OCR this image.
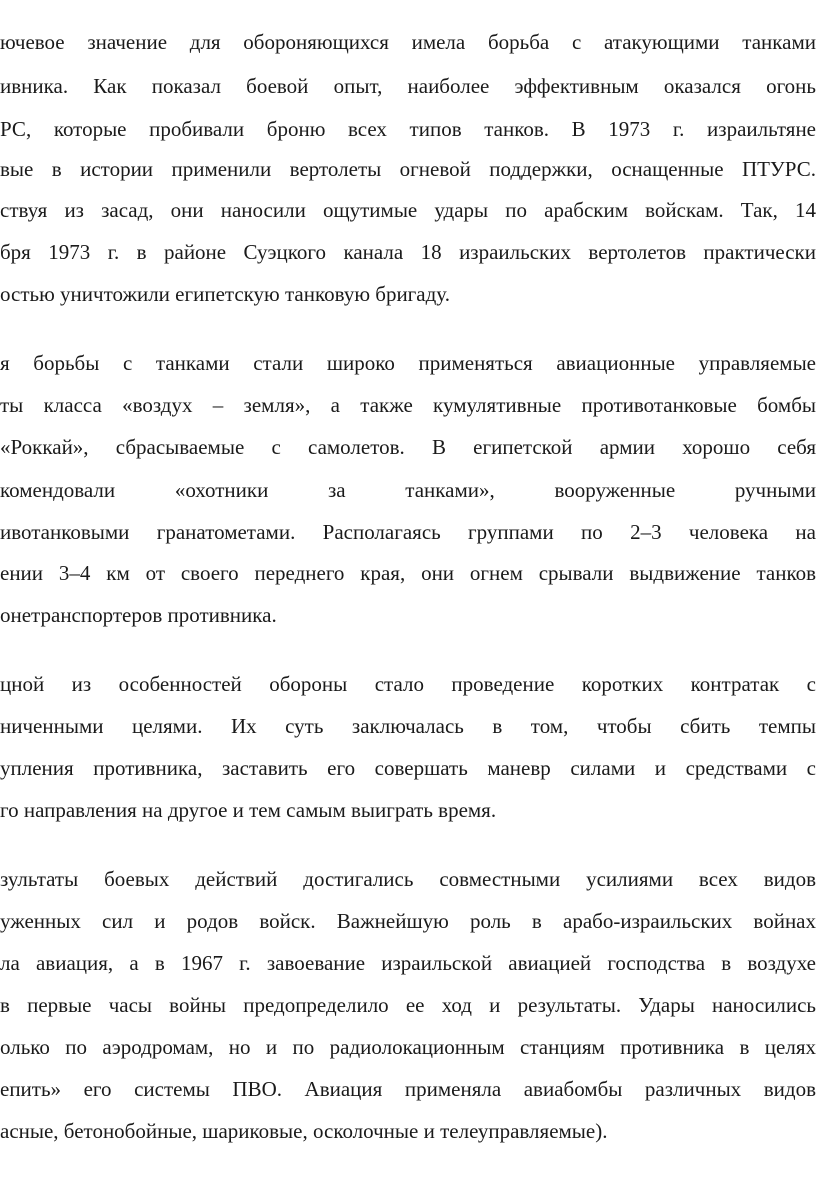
ючевое значение для обороняющихся имела борьба с атакующими танками
ивника. Как показал боевой опыт, наиболее эффективным оказался огонь
РС, которые пробивали броню всех типов танков. В 1973 г. израильтяне
вые в истории применили вертолеты огневой поддержки, оснащенные ПТУРС.
ствуя из засад, они наносили ощутимые удары по арабским войскам. Так, 14
бря 1973 г. в районе Суэцкого канала 18 израильских вертолетов практически
остью уничтожили египетскую танковую бригаду.
я борьбы с танками стали широко применяться авиационные управляемые
ты класса «воздух – земля», а также кумулятивные противотанковые бомбы
«Роккай», сбрасываемые с самолетов. В египетской армии хорошо себя
комендовали «охотники за танками», вооруженные ручными
ивотанковыми гранатометами. Располагаясь группами по 2–3 человека на
ении 3–4 км от своего переднего края, они огнем срывали выдвижение танков
онетранспортеров противника.
цной из особенностей обороны стало проведение коротких контратак с
ниченными целями. Их суть заключалась в том, чтобы сбить темпы
упления противника, заставить его совершать маневр силами и средствами с
го направления на другое и тем самым выиграть время.
зультаты боевых действий достигались совместными усилиями всех видов
уженных сил и родов войск. Важнейшую роль в арабо-израильских войнах
ла авиация, а в 1967 г. завоевание израильской авиацией господства в воздухе
в первые часы войны предопределило ее ход и результаты. Удары наносились
олько по аэродромам, но и по радиолокационным станциям противника в целях
епить» его системы ПВО. Авиация применяла авиабомбы различных видов
асные, бетонобойные, шариковые, осколочные и телеуправляемые).
